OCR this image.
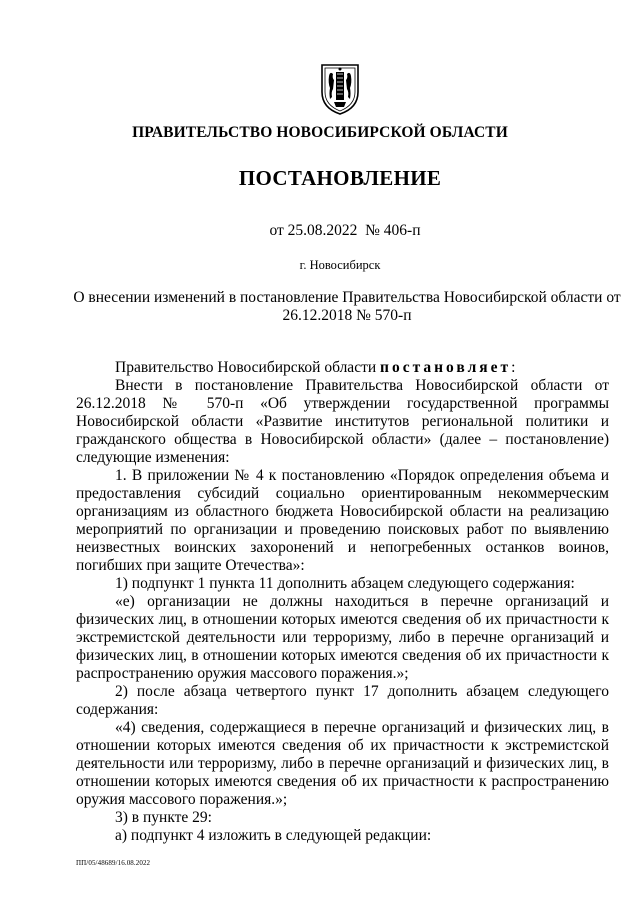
ПРАВИТЕЛЬСТВО НОВОСИБИРСКОЙ ОБЛАСТИ
ПОСТАНОВЛЕНИЕ
от 25.08.2022  № 406-п
г. Новосибирск
О внесении изменений в постановление Правительства Новосибирской области от 26.12.2018 № 570-п

Правительство Новосибирской области постановляет:

Внести в постановление Правительства Новосибирской области от 26.12.2018 № 570-п «Об утверждении государственной программы Новосибирской области «Развитие институтов региональной политики и гражданского общества в Новосибирской области» (далее – постановление) следующие изменения:

1. В приложении № 4 к постановлению «Порядок определения объема и предоставления субсидий социально ориентированным некоммерческим организациям из областного бюджета Новосибирской области на реализацию мероприятий по организации и проведению поисковых работ по выявлению неизвестных воинских захоронений и непогребенных останков воинов, погибших при защите Отечества»:

1) подпункт 1 пункта 11 дополнить абзацем следующего содержания:

«е) организации не должны находиться в перечне организаций и физических лиц, в отношении которых имеются сведения об их причастности к экстремистской деятельности или терроризму, либо в перечне организаций и физических лиц, в отношении которых имеются сведения об их причастности к распространению оружия массового поражения.»;

2) после абзаца четвертого пункт 17 дополнить абзацем следующего содержания:

«4) сведения, содержащиеся в перечне организаций и физических лиц, в отношении которых имеются сведения об их причастности к экстремистской деятельности или терроризму, либо в перечне организаций и физических лиц, в отношении которых имеются сведения об их причастности к распространению оружия массового поражения.»;

3) в пункте 29:

а) подпункт 4 изложить в следующей редакции:

ПП/05/48689/16.08.2022
